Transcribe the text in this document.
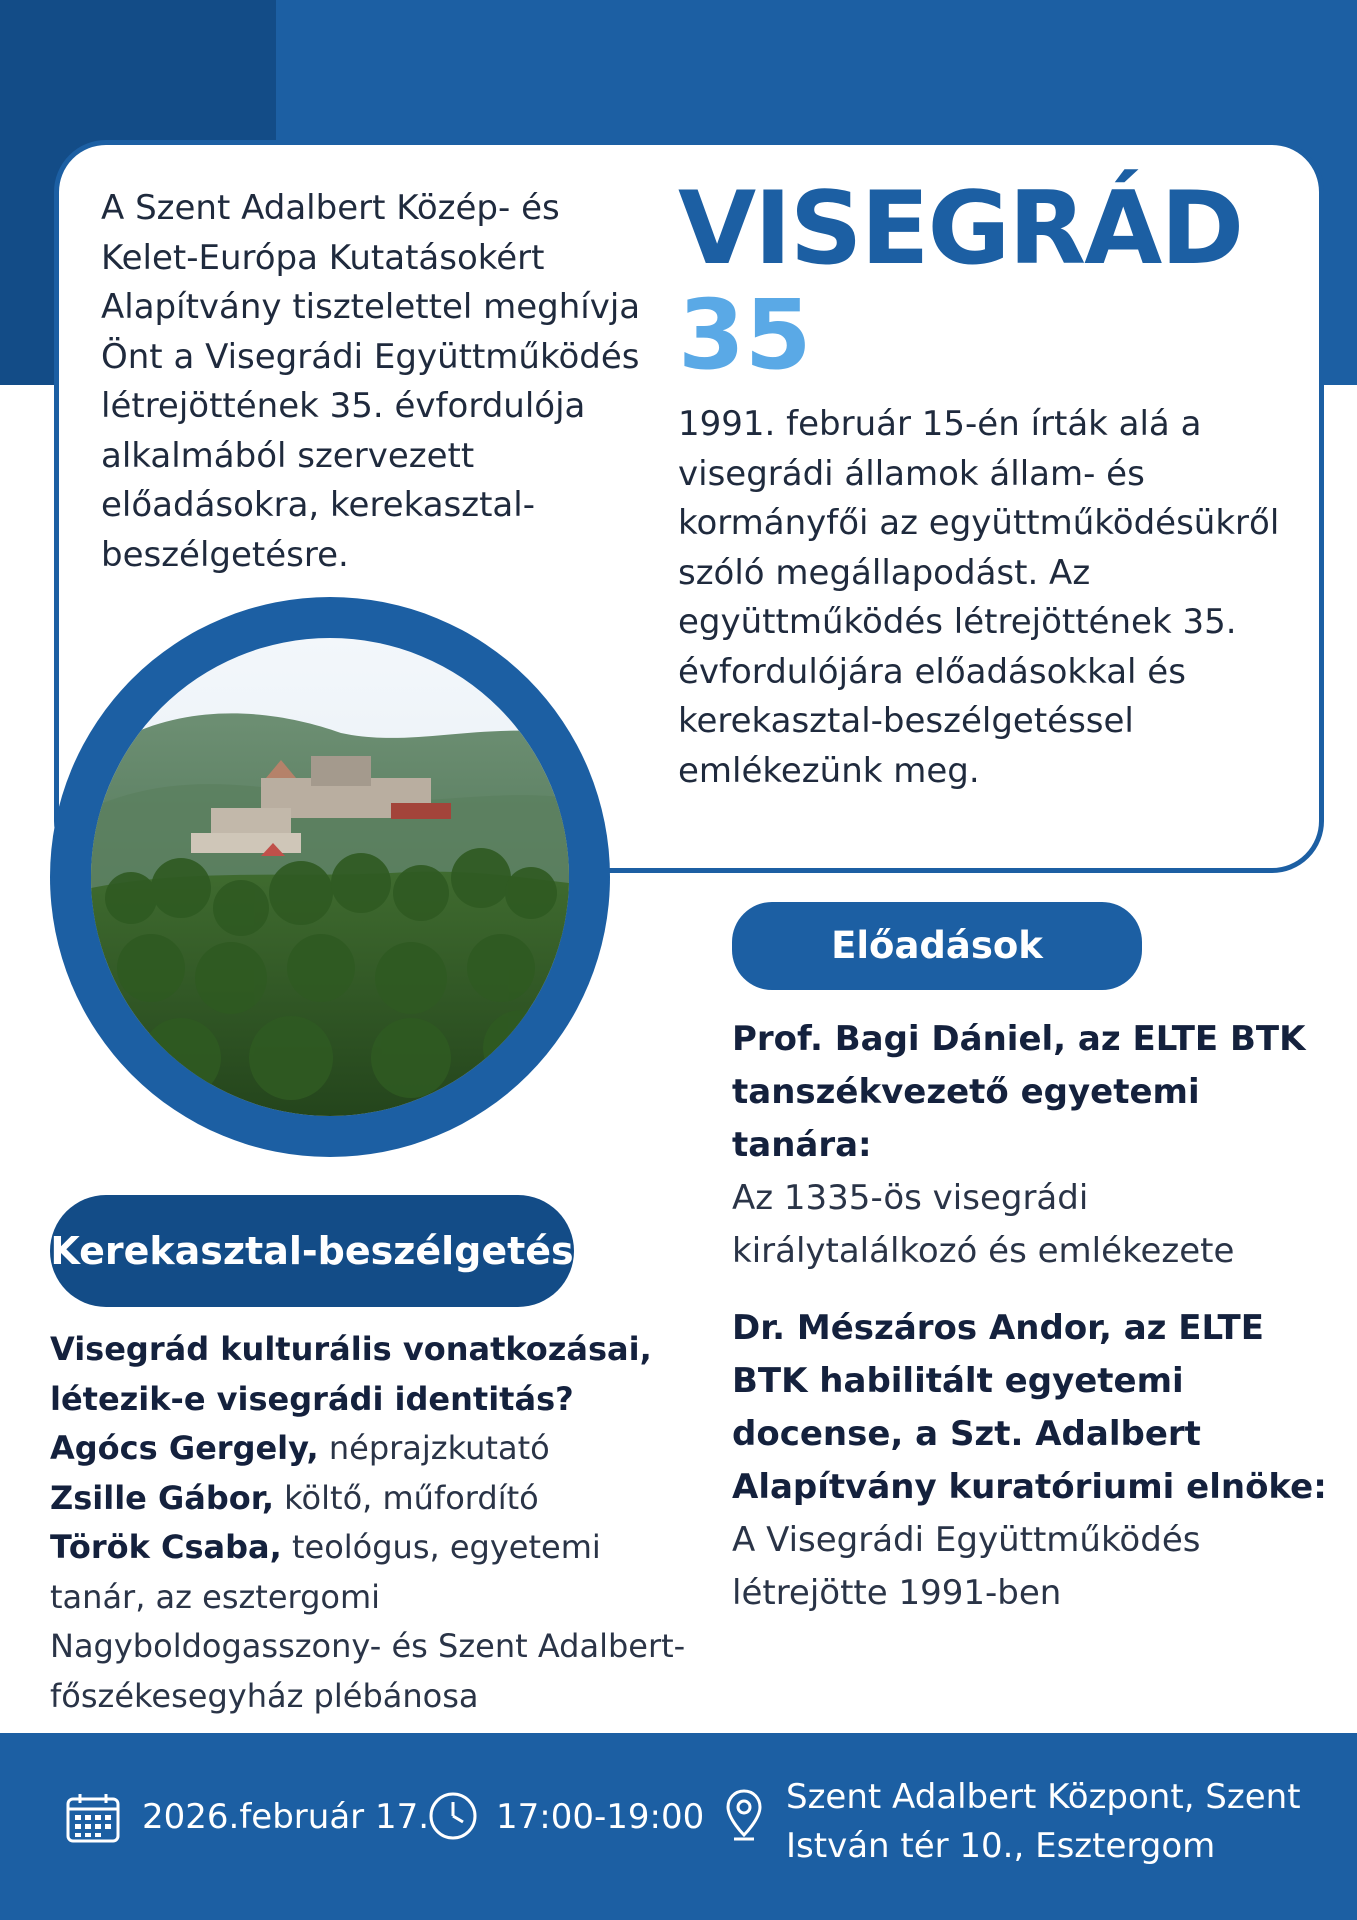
A Szent Adalbert Közép- és Kelet-Európa Kutatásokért Alapítvány tisztelettel meghívja Önt a Visegrádi Együttműködés létrejöttének 35. évfordulója alkalmából szervezett előadásokra, kerekasztal-beszélgetésre.

VISEGRÁD
35

1991. február 15-én írták alá a visegrádi államok állam- és kormányfői az együttműködésükről szóló megállapodást. Az együttműködés létrejöttének 35. évfordulójára előadásokkal és kerekasztal-beszélgetéssel emlékezünk meg.

Előadások
Prof. Bagi Dániel, az ELTE BTK tanszékvezető egyetemi tanára:
Az 1335-ös visegrádi királytalálkozó és emlékezete
Dr. Mészáros Andor, az ELTE BTK habilitált egyetemi docense, a Szt. Adalbert Alapítvány kuratóriumi elnöke:
A Visegrádi Együttműködés létrejötte 1991-ben
Kerekasztal-beszélgetés

Visegrád kulturális vonatkozásai, létezik-e visegrádi identitás?
Agócs Gergely, néprajzkutató
Zsille Gábor, költő, műfordító
Török Csaba, teológus, egyetemi tanár, az esztergomi Nagyboldogasszony- és Szent Adalbert-főszékesegyház plébánosa

2026.február 17. 17:00-19:00 Szent Adalbert Központ, Szent
István tér 10., Esztergom
